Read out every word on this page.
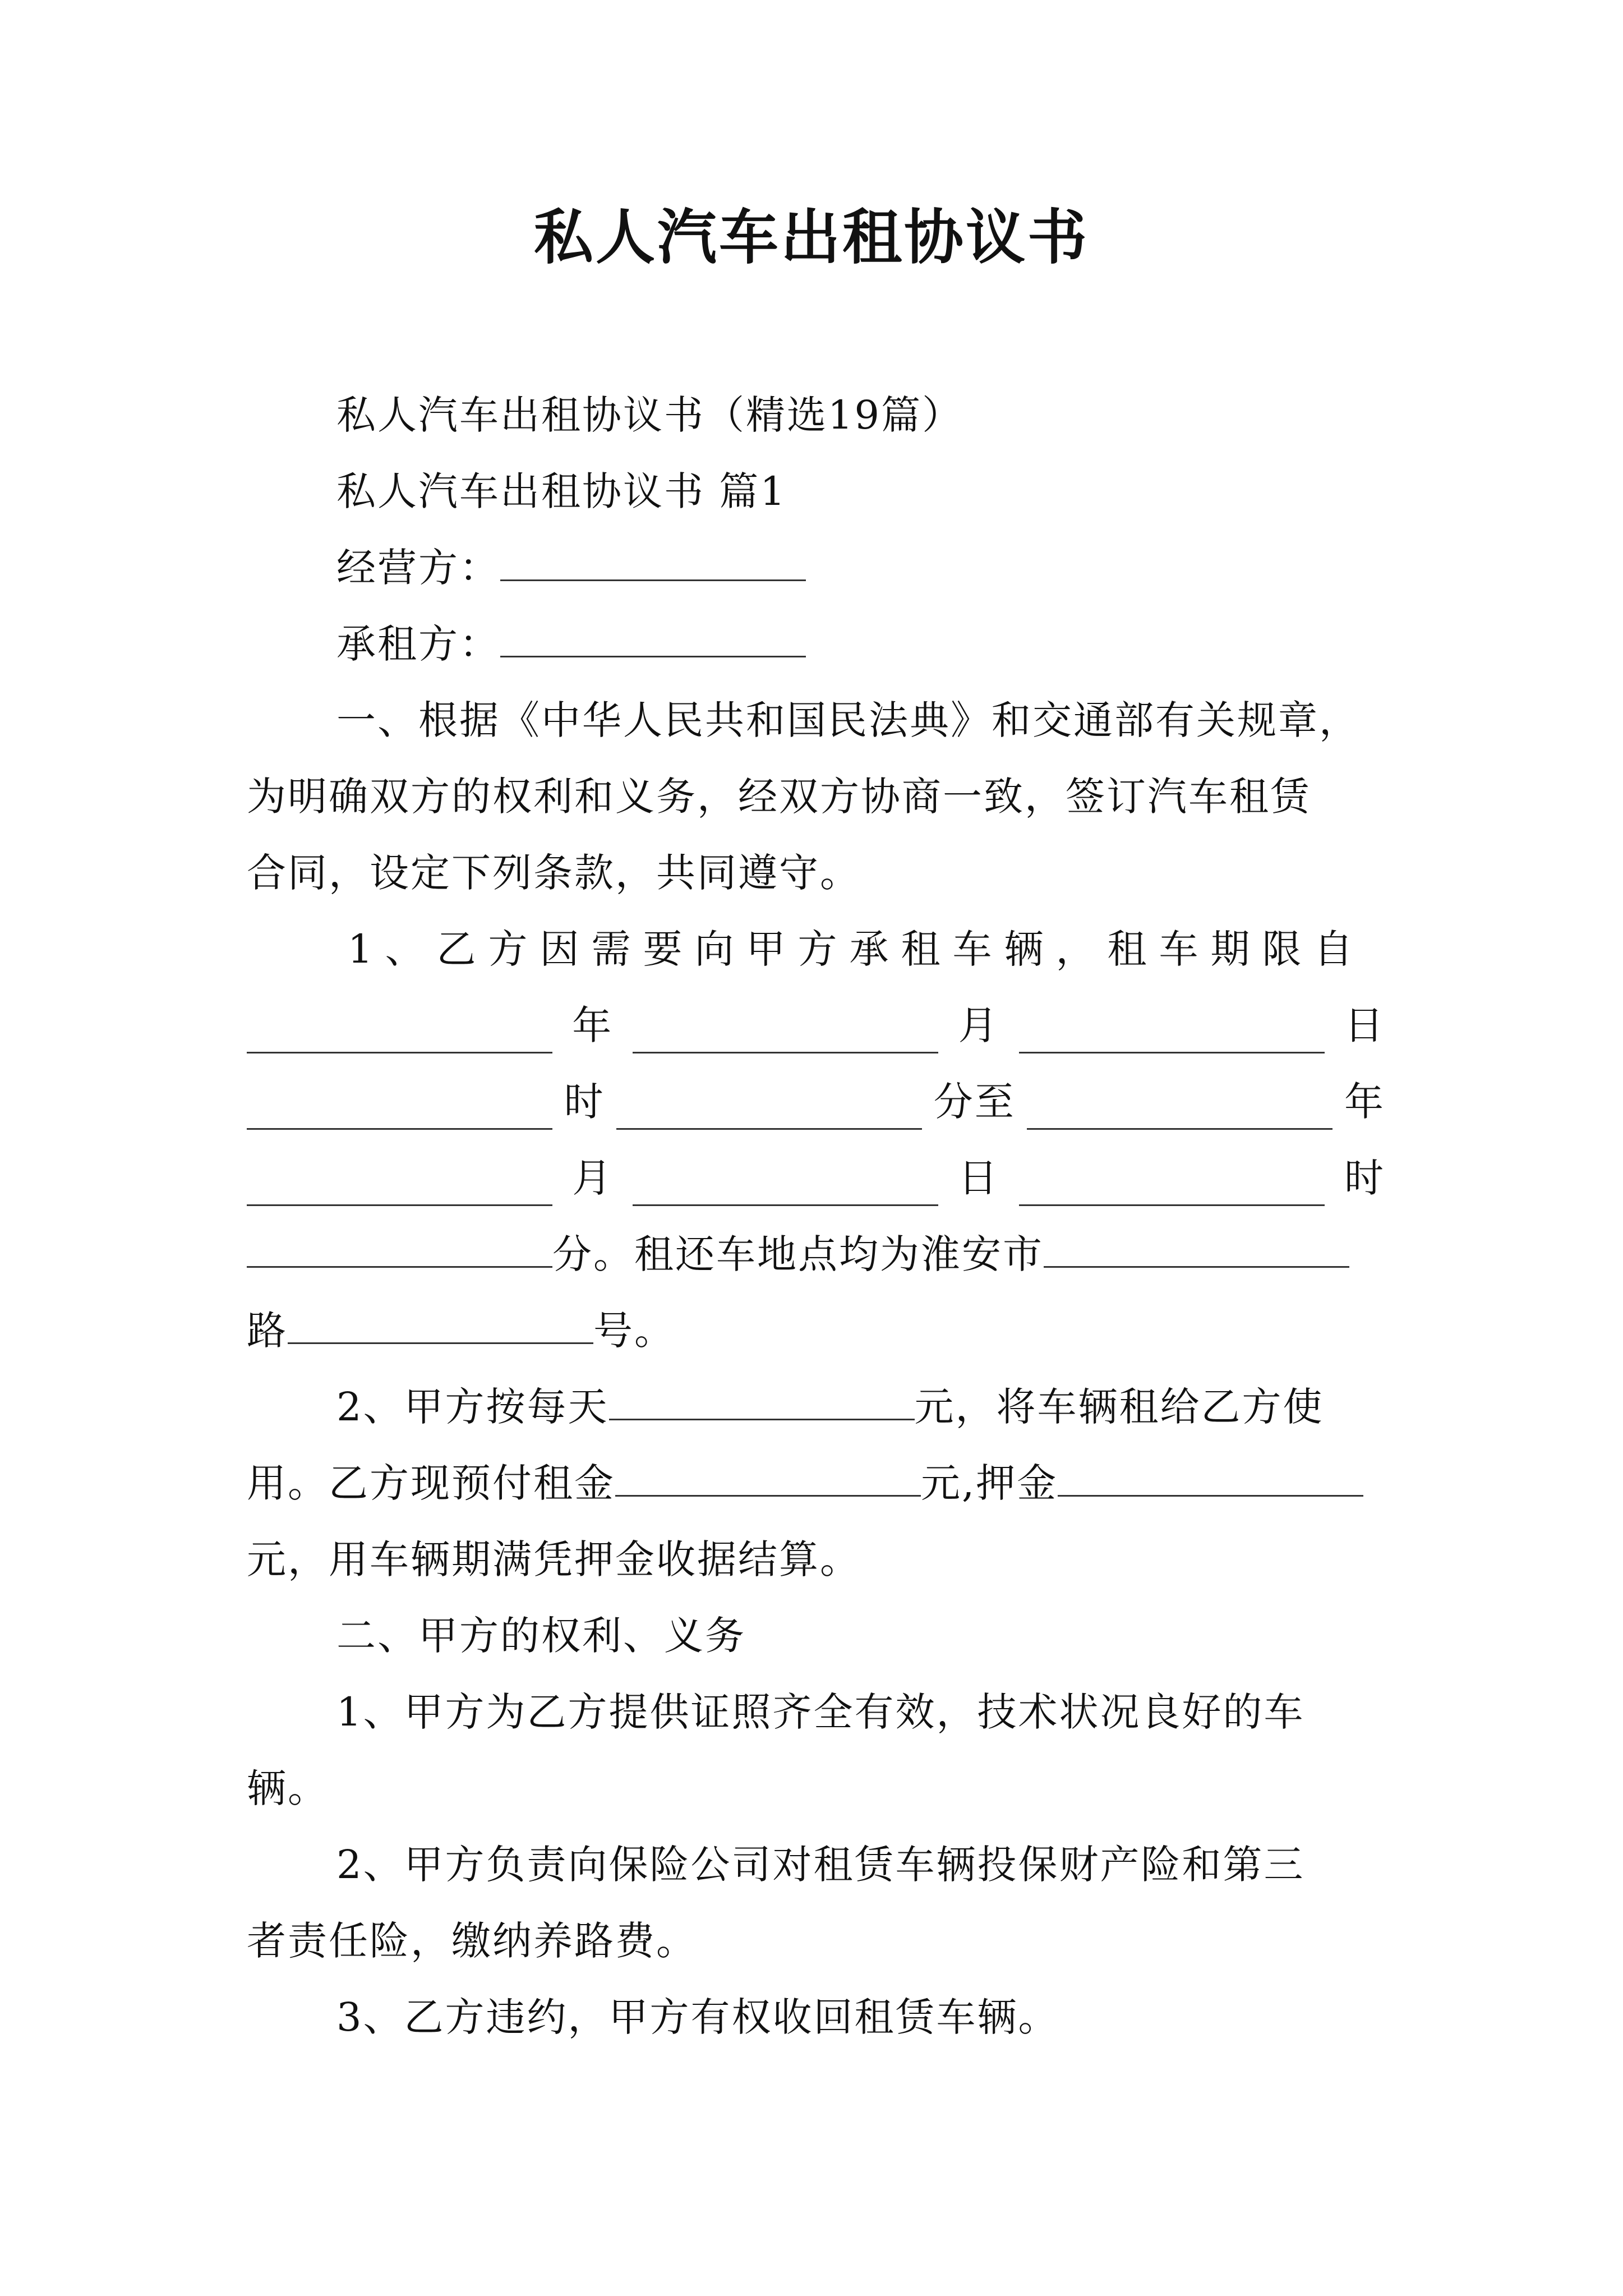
私人汽车出租协议书
私人汽车出租协议书（精选19篇）
私人汽车出租协议书 篇1
经营方：
承租方：
一、根据《中华人民共和国民法典》和交通部有关规章，
为明确双方的权利和义务，经双方协商一致，签订汽车租赁
合同，设定下列条款，共同遵守。
1、乙方因需要向甲方承租车辆，租车期限自
年	月	日
时	分至	年
月	日	时
分。租还车地点均为淮安市
路	号。
2、甲方按每天	元，将车辆租给乙方使
用。乙方现预付租金	元,押金
元，用车辆期满凭押金收据结算。
二、甲方的权利、义务
1、甲方为乙方提供证照齐全有效，技术状况良好的车
辆。
2、甲方负责向保险公司对租赁车辆投保财产险和第三
者责任险，缴纳养路费。
3、乙方违约，甲方有权收回租赁车辆。
